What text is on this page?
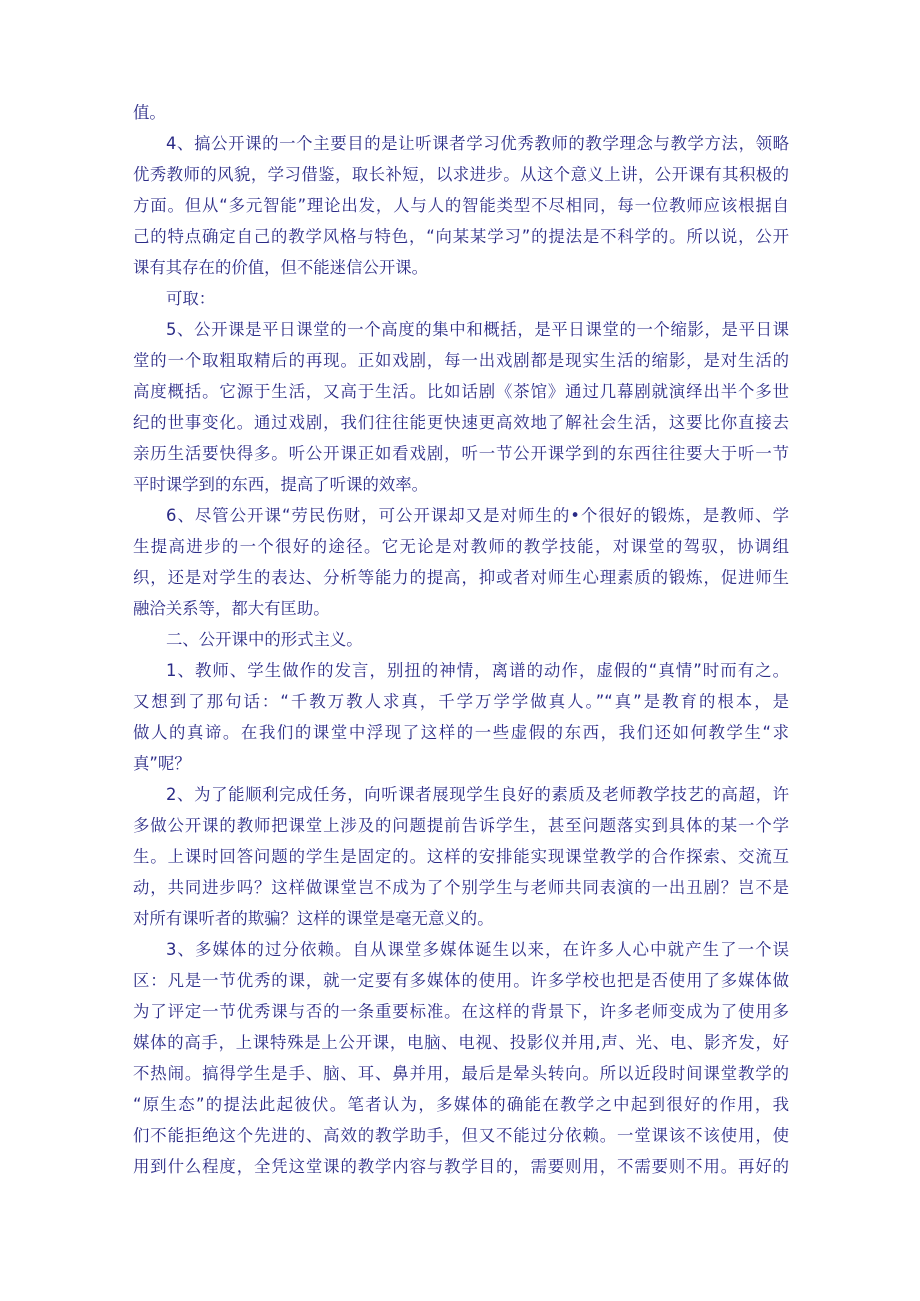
值。

4、搞公开课的一个主要目的是让听课者学习优秀教师的教学理念与教学方法，领略
优秀教师的风貌，学习借鉴，取长补短，以求进步。从这个意义上讲，公开课有其积极的
方面。但从“多元智能”理论出发，人与人的智能类型不尽相同，每一位教师应该根据自
己的特点确定自己的教学风格与特色，“向某某学习”的提法是不科学的。所以说，公开
课有其存在的价值，但不能迷信公开课。

可取：

5、公开课是平日课堂的一个高度的集中和概括，是平日课堂的一个缩影，是平日课
堂的一个取粗取精后的再现。正如戏剧，每一出戏剧都是现实生活的缩影，是对生活的
高度概括。它源于生活，又高于生活。比如话剧《茶馆》通过几幕剧就演绎出半个多世
纪的世事变化。通过戏剧，我们往往能更快速更高效地了解社会生活，这要比你直接去
亲历生活要快得多。听公开课正如看戏剧，听一节公开课学到的东西往往要大于听一节
平时课学到的东西，提高了听课的效率。

6、尽管公开课“劳民伤财，可公开课却又是对师生的•个很好的锻炼，是教师、学
生提高进步的一个很好的途径。它无论是对教师的教学技能，对课堂的驾驭，协调组
织，还是对学生的表达、分析等能力的提高，抑或者对师生心理素质的锻炼，促进师生
融洽关系等，都大有匡助。

二、公开课中的形式主义。

1、教师、学生做作的发言，别扭的神情，离谱的动作，虚假的“真情”时而有之。
又想到了那句话：“千教万教人求真，千学万学学做真人。”“真”是教育的根本，是
做人的真谛。在我们的课堂中浮现了这样的一些虚假的东西，我们还如何教学生“求
真”呢？

2、为了能顺利完成任务，向听课者展现学生良好的素质及老师教学技艺的高超，许
多做公开课的教师把课堂上涉及的问题提前告诉学生，甚至问题落实到具体的某一个学
生。上课时回答问题的学生是固定的。这样的安排能实现课堂教学的合作探索、交流互
动，共同进步吗？这样做课堂岂不成为了个别学生与老师共同表演的一出丑剧？岂不是
对所有课听者的欺骗？这样的课堂是毫无意义的。

3、多媒体的过分依赖。自从课堂多媒体诞生以来，在许多人心中就产生了一个误
区：凡是一节优秀的课，就一定要有多媒体的使用。许多学校也把是否使用了多媒体做
为了评定一节优秀课与否的一条重要标准。在这样的背景下，许多老师变成为了使用多
媒体的高手，上课特殊是上公开课，电脑、电视、投影仪并用,声、光、电、影齐发，好
不热闹。搞得学生是手、脑、耳、鼻并用，最后是晕头转向。所以近段时间课堂教学的
“原生态”的提法此起彼伏。笔者认为，多媒体的确能在教学之中起到很好的作用，我
们不能拒绝这个先进的、高效的教学助手，但又不能过分依赖。一堂课该不该使用，使
用到什么程度，全凭这堂课的教学内容与教学目的，需要则用，不需要则不用。再好的
